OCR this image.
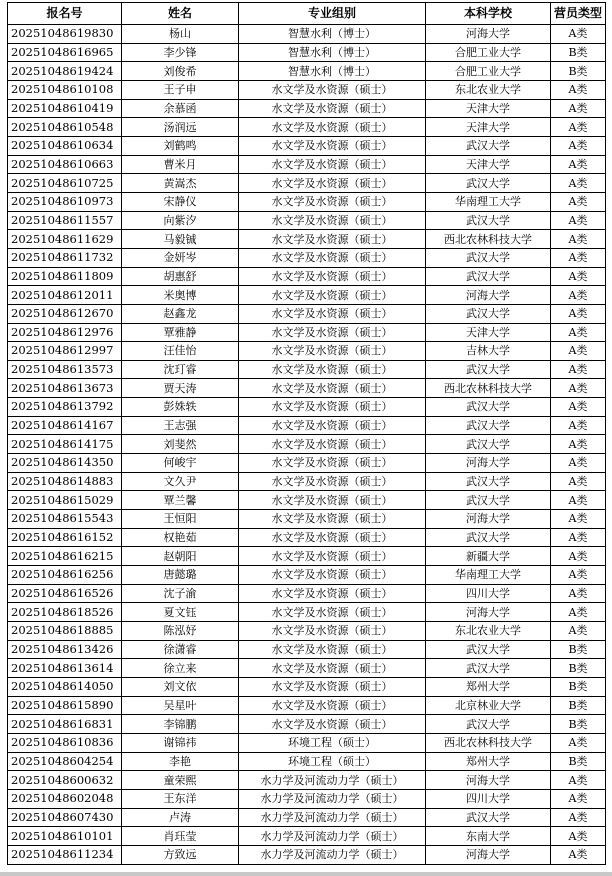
报名号	姓名	专业组别	本科学校	营员类型
20251048619830	杨山	智慧水利（博士）	河海大学	A类
20251048616965	李少锋	智慧水利（博士）	合肥工业大学	B类
20251048619424	刘俊希	智慧水利（博士）	合肥工业大学	B类
20251048610108	王子申	水文学及水资源（硕士）	东北农业大学	A类
20251048610419	余慕函	水文学及水资源（硕士）	天津大学	A类
20251048610548	汤润远	水文学及水资源（硕士）	天津大学	A类
20251048610634	刘鹤鸣	水文学及水资源（硕士）	武汉大学	A类
20251048610663	曹米月	水文学及水资源（硕士）	天津大学	A类
20251048610725	黄嵩杰	水文学及水资源（硕士）	武汉大学	A类
20251048610973	宋静仪	水文学及水资源（硕士）	华南理工大学	A类
20251048611557	向紫汐	水文学及水资源（硕士）	武汉大学	A类
20251048611629	马毅铖	水文学及水资源（硕士）	西北农林科技大学	A类
20251048611732	金妍岑	水文学及水资源（硕士）	武汉大学	A类
20251048611809	胡惠舒	水文学及水资源（硕士）	武汉大学	A类
20251048612011	米奥博	水文学及水资源（硕士）	河海大学	A类
20251048612670	赵鑫龙	水文学及水资源（硕士）	武汉大学	A类
20251048612976	覃雅静	水文学及水资源（硕士）	天津大学	A类
20251048612997	汪佳怡	水文学及水资源（硕士）	吉林大学	A类
20251048613573	沈玎睿	水文学及水资源（硕士）	武汉大学	A类
20251048613673	贾天涛	水文学及水资源（硕士）	西北农林科技大学	A类
20251048613792	彭姝轶	水文学及水资源（硕士）	武汉大学	A类
20251048614167	王志强	水文学及水资源（硕士）	武汉大学	A类
20251048614175	刘斐然	水文学及水资源（硕士）	武汉大学	A类
20251048614350	何峻宇	水文学及水资源（硕士）	河海大学	A类
20251048614883	文久尹	水文学及水资源（硕士）	武汉大学	A类
20251048615029	覃兰馨	水文学及水资源（硕士）	武汉大学	A类
20251048615543	王恒阳	水文学及水资源（硕士）	河海大学	A类
20251048616152	权艳茹	水文学及水资源（硕士）	武汉大学	A类
20251048616215	赵朝阳	水文学及水资源（硕士）	新疆大学	A类
20251048616256	唐懿璐	水文学及水资源（硕士）	华南理工大学	A类
20251048616526	沈子渝	水文学及水资源（硕士）	四川大学	A类
20251048618526	夏文钰	水文学及水资源（硕士）	河海大学	A类
20251048618885	陈泓妤	水文学及水资源（硕士）	东北农业大学	A类
20251048613426	徐潇睿	水文学及水资源（硕士）	武汉大学	B类
20251048613614	徐立来	水文学及水资源（硕士）	武汉大学	B类
20251048614050	刘文依	水文学及水资源（硕士）	郑州大学	B类
20251048615890	吴星叶	水文学及水资源（硕士）	北京林业大学	B类
20251048616831	李锦鹏	水文学及水资源（硕士）	武汉大学	B类
20251048610836	谢锦祎	环境工程（硕士）	西北农林科技大学	A类
20251048604254	李艳	环境工程（硕士）	郑州大学	B类
20251048600632	童荣熙	水力学及河流动力学（硕士）	河海大学	A类
20251048602048	王东洋	水力学及河流动力学（硕士）	四川大学	A类
20251048607430	卢涛	水力学及河流动力学（硕士）	武汉大学	A类
20251048610101	肖珏莹	水力学及河流动力学（硕士）	东南大学	A类
20251048611234	方致远	水力学及河流动力学（硕士）	河海大学	A类
